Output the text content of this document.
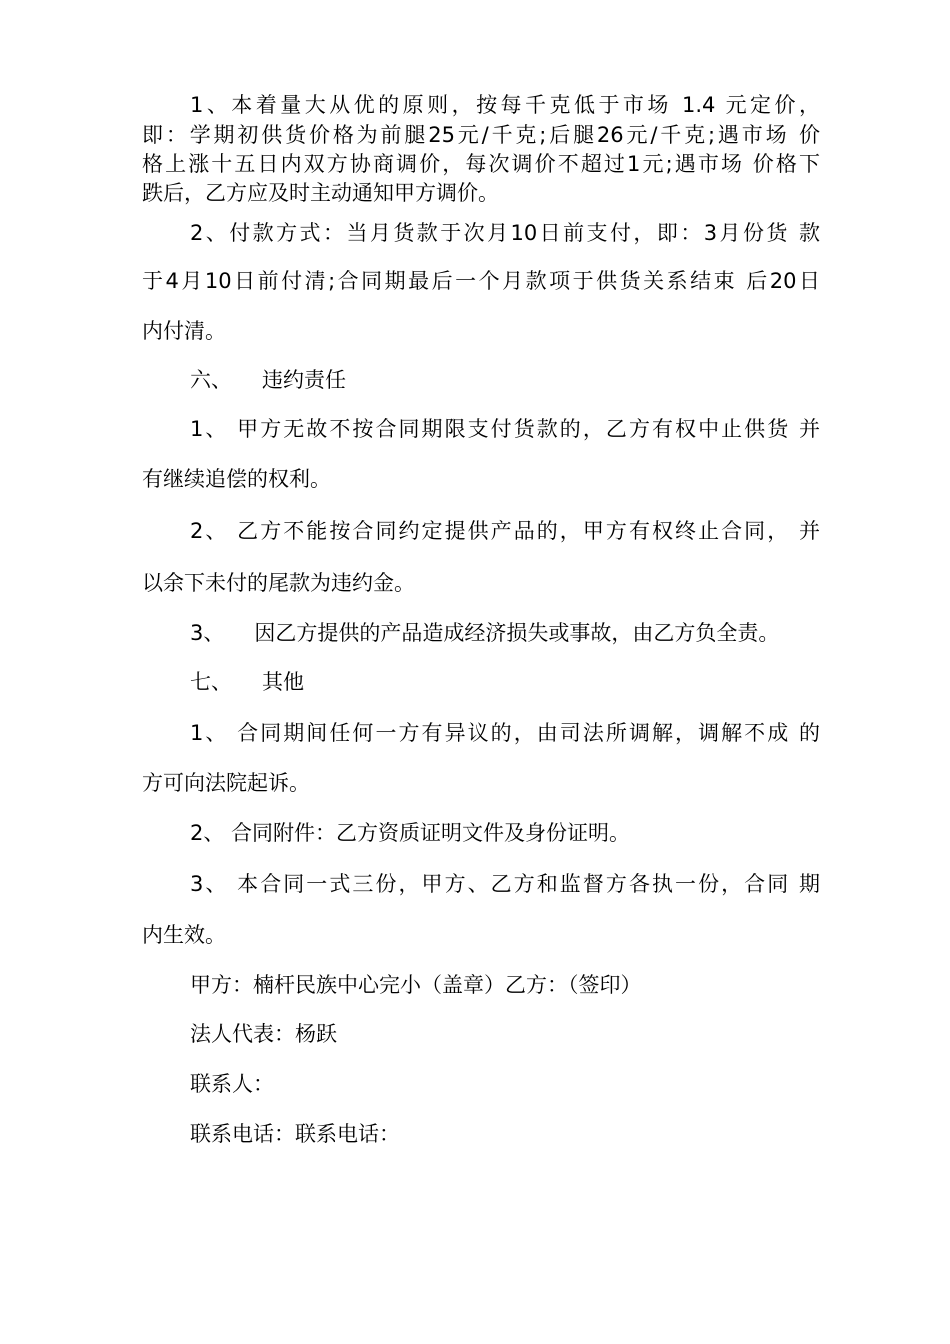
1、本着量大从优的原则，按每千克低于市场 1.4 元定价，
即：学期初供货价格为前腿25元/千克;后腿26元/千克;遇市场 价
格上涨十五日内双方协商调价，每次调价不超过1元;遇市场 价格下
跌后，乙方应及时主动通知甲方调价。
2、付款方式：当月货款于次月10日前支付，即：3月份货 款
于4月10日前付清;合同期最后一个月款项于供货关系结束 后20日
内付清。
六、 违约责任
1、 甲方无故不按合同期限支付货款的，乙方有权中止供货 并
有继续追偿的权利。
2、 乙方不能按合同约定提供产品的，甲方有权终止合同， 并
以余下未付的尾款为违约金。
3、 因乙方提供的产品造成经济损失或事故，由乙方负全责。
七、 其他
1、 合同期间任何一方有异议的，由司法所调解，调解不成 的
方可向法院起诉。
2、 合同附件：乙方资质证明文件及身份证明。
3、 本合同一式三份，甲方、乙方和监督方各执一份，合同 期
内生效。
甲方：楠杆民族中心完小（盖章）乙方：（签印）
法人代表：杨跃
联系人：
联系电话：联系电话：
